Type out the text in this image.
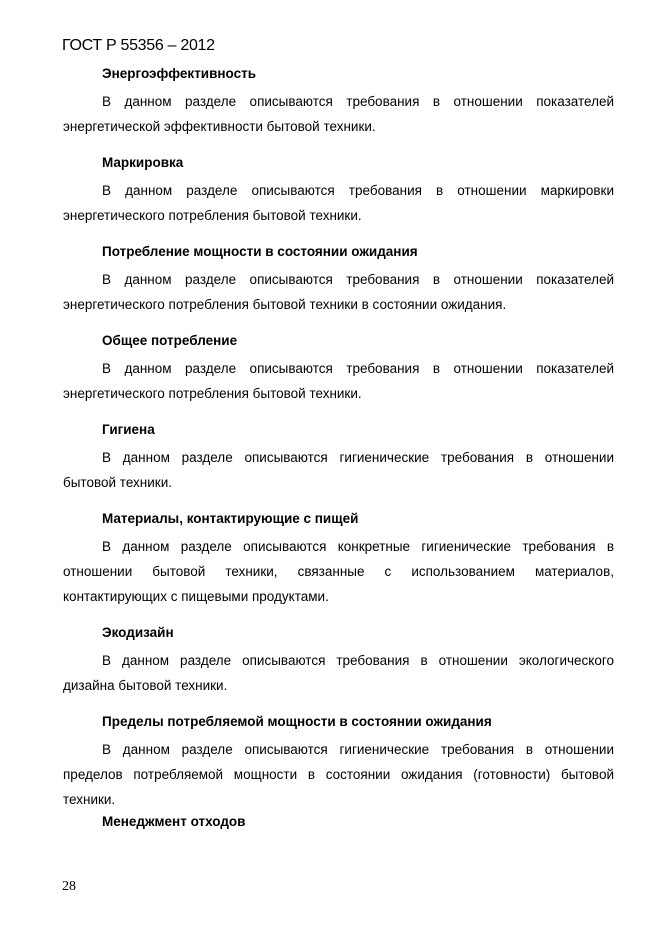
ГОСТ Р 55356 – 2012
Энергоэффективность

В данном разделе описываются требования в отношении показателей энергетической эффективности бытовой техники.

Маркировка

В данном разделе описываются требования в отношении маркировки энергетического потребления бытовой техники.

Потребление мощности в состоянии ожидания

В данном разделе описываются требования в отношении показателей энергетического потребления бытовой техники в состоянии ожидания.

Общее потребление

В данном разделе описываются требования в отношении показателей энергетического потребления бытовой техники.

Гигиена

В данном разделе описываются гигиенические требования в отношении бытовой техники.

Материалы, контактирующие с пищей

В данном разделе описываются конкретные гигиенические требования в отношении бытовой техники, связанные с использованием материалов, контактирующих с пищевыми продуктами.

Экодизайн

В данном разделе описываются требования в отношении экологического дизайна бытовой техники.

Пределы потребляемой мощности в состоянии ожидания

В данном разделе описываются гигиенические требования в отношении пределов потребляемой мощности в состоянии ожидания (готовности) бытовой техники.

Менеджмент отходов
28
